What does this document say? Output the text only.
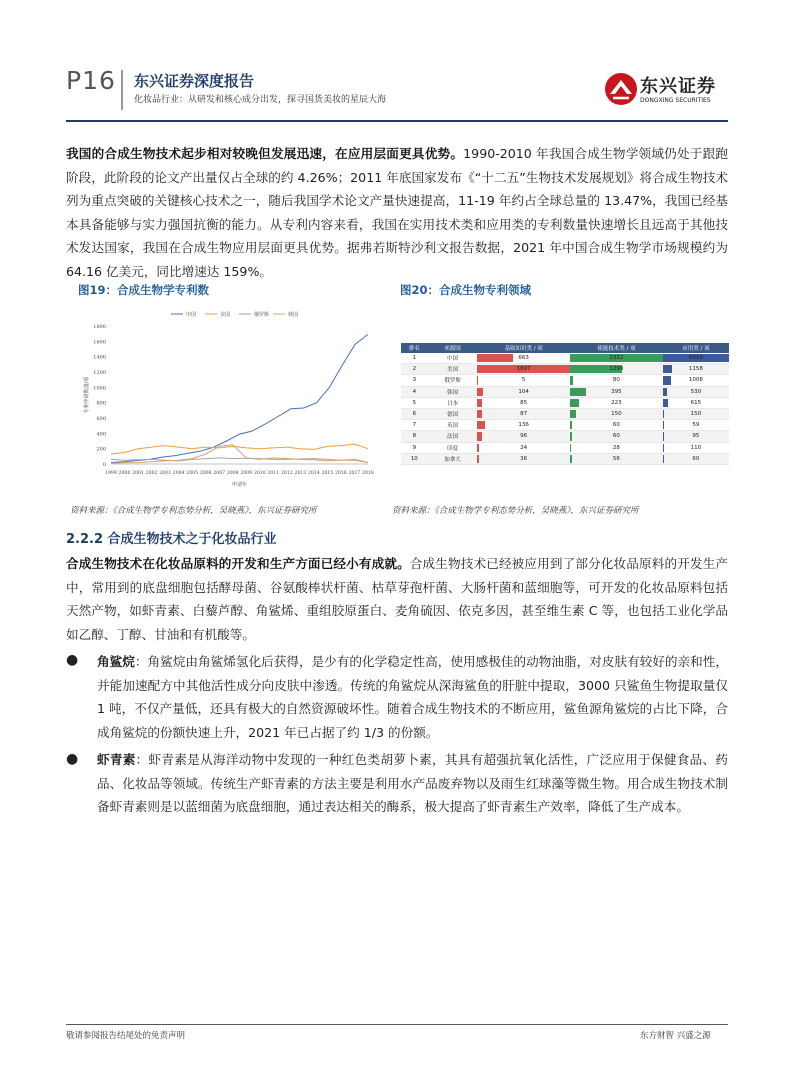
P16 东兴证券深度报告
化妆品行业：从研发和核心成分出发，探寻国货美妆的星辰大海
东兴证券
DONGXING SECURITIES
我国的合成生物技术起步相对较晚但发展迅速，在应用层面更具优势。1990-2010 年我国合成生物学领域仍处于跟跑阶段，此阶段的论文产出量仅占全球的约 4.26%；2011 年底国家发布《“十二五”生物技术发展规划》将合成生物技术列为重点突破的关键核心技术之一，随后我国学术论文产量快速提高，11-19 年约占全球总量的 13.47%，我国已经基本具备能够与实力强国抗衡的能力。从专利内容来看，我国在实用技术类和应用类的专利数量快速增长且远高于其他技术发达国家，我国在合成生物应用层面更具优势。据弗若斯特沙利文报告数据，2021 年中国合成生物学市场规模约为 64.16 亿美元，同比增速达 159%。
图19：合成生物学专利数	图20：合成生物专利领域
0
200
400
600
800
1000
1200
1400
1600
1800
1999 2000 2001 2002 2003 2004 2005 2006 2007 2008 2009 2010 2011 2012 2013 2014 2015 2016 2017 2018
申请年
专利申请数量/项
中国	美国	俄罗斯	韩国
排名	来源国	基础知识类 / 项	使能技术类 / 项	应用类 / 项
1	中国	663	2322	8019
2	美国	1697	1299	1158
3	俄罗斯	5	80	1008
4	韩国	104	395	530
5	日本	85	223	615
6	德国	87	150	150
7	英国	136	60	59
8	法国	96	60	95
9	印度	24	28	110
10	加拿大	36	56	60
资料来源：《合成生物学专利态势分析，吴晓燕》，东兴证券研究所	资料来源：《合成生物学专利态势分析，吴晓燕》，东兴证券研究所
2.2.2 合成生物技术之于化妆品行业
合成生物技术在化妆品原料的开发和生产方面已经小有成就。合成生物技术已经被应用到了部分化妆品原料的开发生产中，常用到的底盘细胞包括酵母菌、谷氨酸棒状杆菌、枯草芽孢杆菌、大肠杆菌和蓝细胞等，可开发的化妆品原料包括天然产物，如虾青素、白藜芦醇、角鲨烯、重组胶原蛋白、麦角硫因、依克多因，甚至维生素 C 等，也包括工业化学品如乙醇、丁醇、甘油和有机酸等。
● 角鲨烷：角鲨烷由角鲨烯氢化后获得，是少有的化学稳定性高，使用感极佳的动物油脂，对皮肤有较好的亲和性，并能加速配方中其他活性成分向皮肤中渗透。传统的角鲨烷从深海鲨鱼的肝脏中提取，3000 只鲨鱼生物提取量仅 1 吨，不仅产量低，还具有极大的自然资源破坏性。随着合成生物技术的不断应用，鲨鱼源角鲨烷的占比下降，合成角鲨烷的份额快速上升，2021 年已占据了约 1/3 的份额。
● 虾青素：虾青素是从海洋动物中发现的一种红色类胡萝卜素，其具有超强抗氧化活性，广泛应用于保健食品、药品、化妆品等领域。传统生产虾青素的方法主要是利用水产品废弃物以及雨生红球藻等微生物。用合成生物技术制备虾青素则是以蓝细菌为底盘细胞，通过表达相关的酶系，极大提高了虾青素生产效率，降低了生产成本。
敬请参阅报告结尾处的免责声明	东方财智 兴盛之源
